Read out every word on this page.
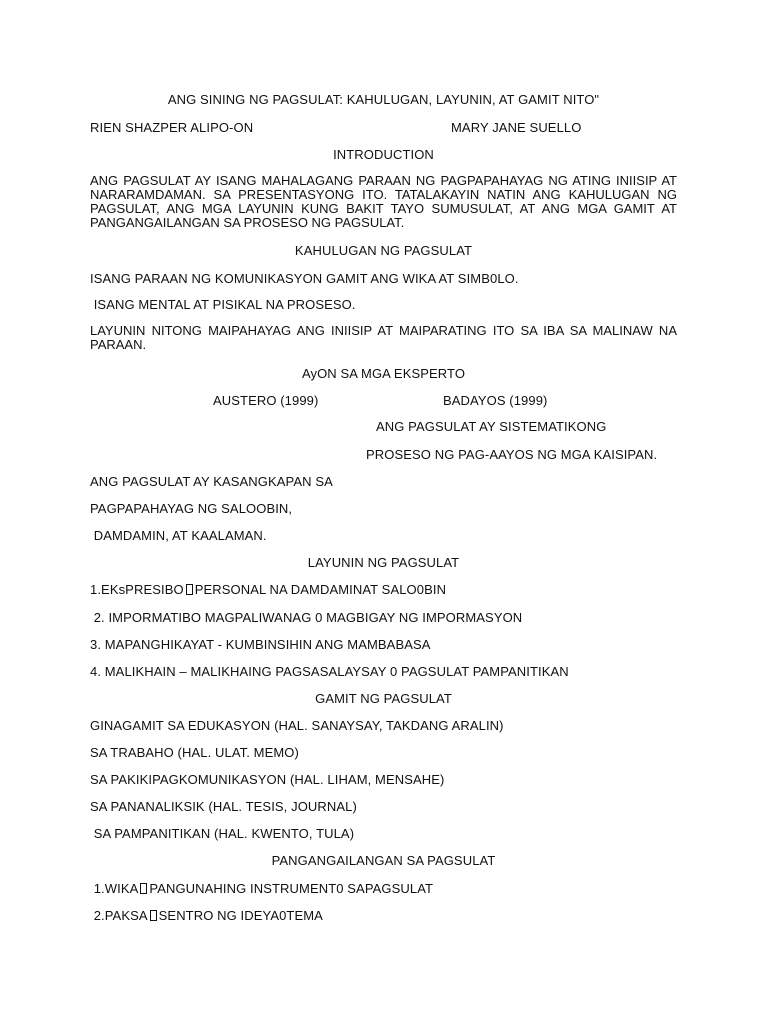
ANG SINING NG PAGSULAT: KAHULUGAN, LAYUNIN, AT GAMIT NITO"
RIEN SHAZPER ALIPO-ON	MARY JANE SUELLO
INTRODUCTION
ANG PAGSULAT AY ISANG MAHALAGANG PARAAN NG PAGPAPAHAYAG NG ATING INIISIP AT NARARAMDAMAN. SA PRESENTASYONG ITO. TATALAKAYIN NATIN ANG KAHULUGAN NG PAGSULAT, ANG MGA LAYUNIN KUNG BAKIT TAYO SUMUSULAT, AT ANG MGA GAMIT AT PANGANGAILANGAN SA PROSESO NG PAGSULAT.
KAHULUGAN NG PAGSULAT
ISANG PARAAN NG KOMUNIKASYON GAMIT ANG WIKA AT SIMB0LO.
ISANG MENTAL AT PISIKAL NA PROSESO.
LAYUNIN NITONG MAIPAHAYAG ANG INIISIP AT MAIPARATING ITO SA IBA SA MALINAW NA PARAAN.
AyON SA MGA EKSPERTO
AUSTERO (1999)	BADAYOS (1999)
ANG PAGSULAT AY SISTEMATIKONG
PROSESO NG PAG-AAYOS NG MGA KAISIPAN.
ANG PAGSULAT AY KASANGKAPAN SA
PAGPAPAHAYAG NG SALOOBIN,
DAMDAMIN, AT KAALAMAN.
LAYUNIN NG PAGSULAT
1.EKsPRESIBO PERSONAL NA DAMDAMINAT SALO0BIN
2. IMPORMATIBO MAGPALIWANAG 0 MAGBIGAY NG IMPORMASYON
3. MAPANGHIKAYAT - KUMBINSIHIN ANG MAMBABASA
4. MALIKHAIN – MALIKHAING PAGSASALAYSAY 0 PAGSULAT PAMPANITIKAN
GAMIT NG PAGSULAT
GINAGAMIT SA EDUKASYON (HAL. SANAYSAY, TAKDANG ARALIN)
SA TRABAHO (HAL. ULAT. MEMO)
SA PAKIKIPAGKOMUNIKASYON (HAL. LIHAM, MENSAHE)
SA PANANALIKSIK (HAL. TESIS, JOURNAL)
SA PAMPANITIKAN (HAL. KWENTO, TULA)
PANGANGAILANGAN SA PAGSULAT
1.WIKA PANGUNAHING INSTRUMENT0 SAPAGSULAT
2.PAKSA SENTRO NG IDEYA0TEMA
